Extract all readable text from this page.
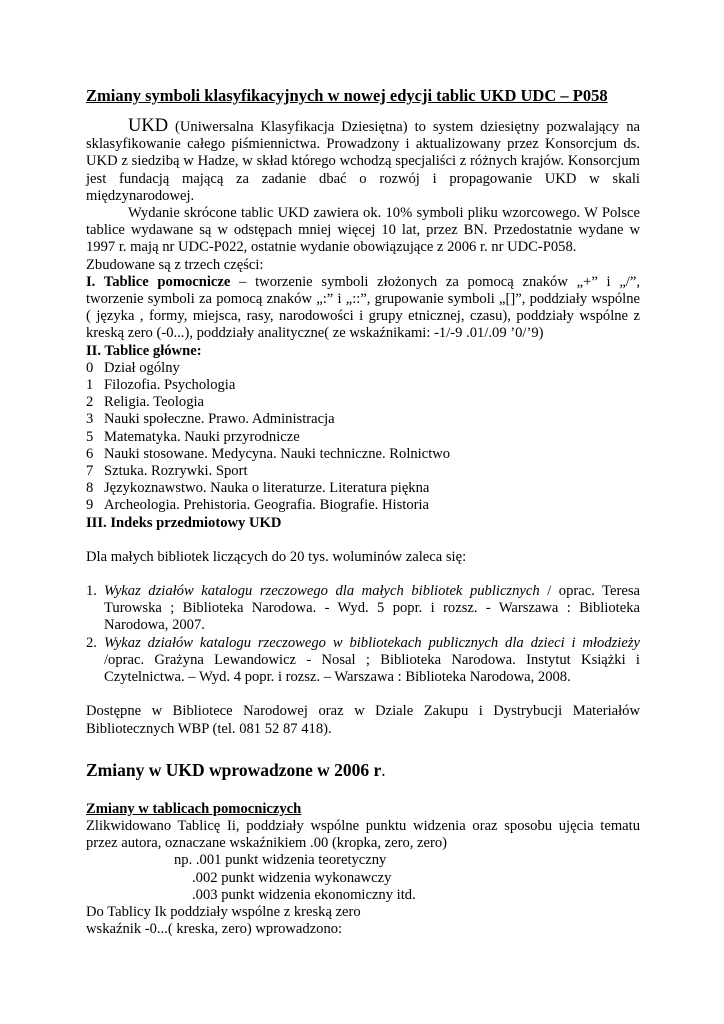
Zmiany symboli klasyfikacyjnych w nowej edycji tablic UKD UDC – P058

UKD (Uniwersalna Klasyfikacja Dziesiętna) to system dziesiętny pozwalający na sklasyfikowanie całego piśmiennictwa. Prowadzony i aktualizowany przez Konsorcjum ds. UKD z siedzibą w Hadze, w skład którego wchodzą specjaliści z różnych krajów. Konsorcjum jest fundacją mającą za zadanie dbać o rozwój i propagowanie UKD w skali międzynarodowej.

Wydanie skrócone tablic UKD zawiera ok. 10% symboli pliku wzorcowego. W Polsce tablice wydawane są w odstępach mniej więcej 10 lat, przez BN. Przedostatnie wydane w 1997 r. mają nr UDC-P022, ostatnie wydanie obowiązujące z 2006 r. nr UDC-P058.

Zbudowane są z trzech części:

I. Tablice pomocnicze – tworzenie symboli złożonych za pomocą znaków „+” i „/”, tworzenie symboli za pomocą znaków „:” i „::”, grupowanie symboli „[]”, poddziały wspólne ( języka , formy, miejsca, rasy, narodowości i grupy etnicznej, czasu), poddziały wspólne z kreską zero (-0...), poddziały analityczne( ze wskaźnikami: -1/-9 .01/.09 ’0/’9)

II. Tablice główne:

0 Dział ogólny
1 Filozofia. Psychologia
2 Religia. Teologia
3 Nauki społeczne. Prawo. Administracja
5 Matematyka. Nauki przyrodnicze
6 Nauki stosowane. Medycyna. Nauki techniczne. Rolnictwo
7 Sztuka. Rozrywki. Sport
8 Językoznawstwo. Nauka o literaturze. Literatura piękna
9 Archeologia. Prehistoria. Geografia. Biografie. Historia

III. Indeks przedmiotowy UKD

Dla małych bibliotek liczących do 20 tys. woluminów zaleca się:

1. Wykaz działów katalogu rzeczowego dla małych bibliotek publicznych / oprac. Teresa Turowska ; Biblioteka Narodowa. - Wyd. 5 popr. i rozsz. - Warszawa : Biblioteka Narodowa, 2007.
2. Wykaz działów katalogu rzeczowego w bibliotekach publicznych dla dzieci i młodzieży /oprac. Grażyna Lewandowicz - Nosal ; Biblioteka Narodowa. Instytut Książki i Czytelnictwa. – Wyd. 4 popr. i rozsz. – Warszawa : Biblioteka Narodowa, 2008.

Dostępne w Bibliotece Narodowej oraz w Dziale Zakupu i Dystrybucji Materiałów Bibliotecznych WBP (tel. 081 52 87 418).

Zmiany w UKD wprowadzone w 2006 r.

Zmiany w tablicach pomocniczych

Zlikwidowano Tablicę Ii, poddziały wspólne punktu widzenia oraz sposobu ujęcia tematu przez autora, oznaczane wskaźnikiem .00 (kropka, zero, zero)

np. .001 punkt widzenia teoretyczny

.002 punkt widzenia wykonawczy

.003 punkt widzenia ekonomiczny itd.

Do Tablicy Ik poddziały wspólne z kreską zero

wskaźnik -0...( kreska, zero) wprowadzono:
